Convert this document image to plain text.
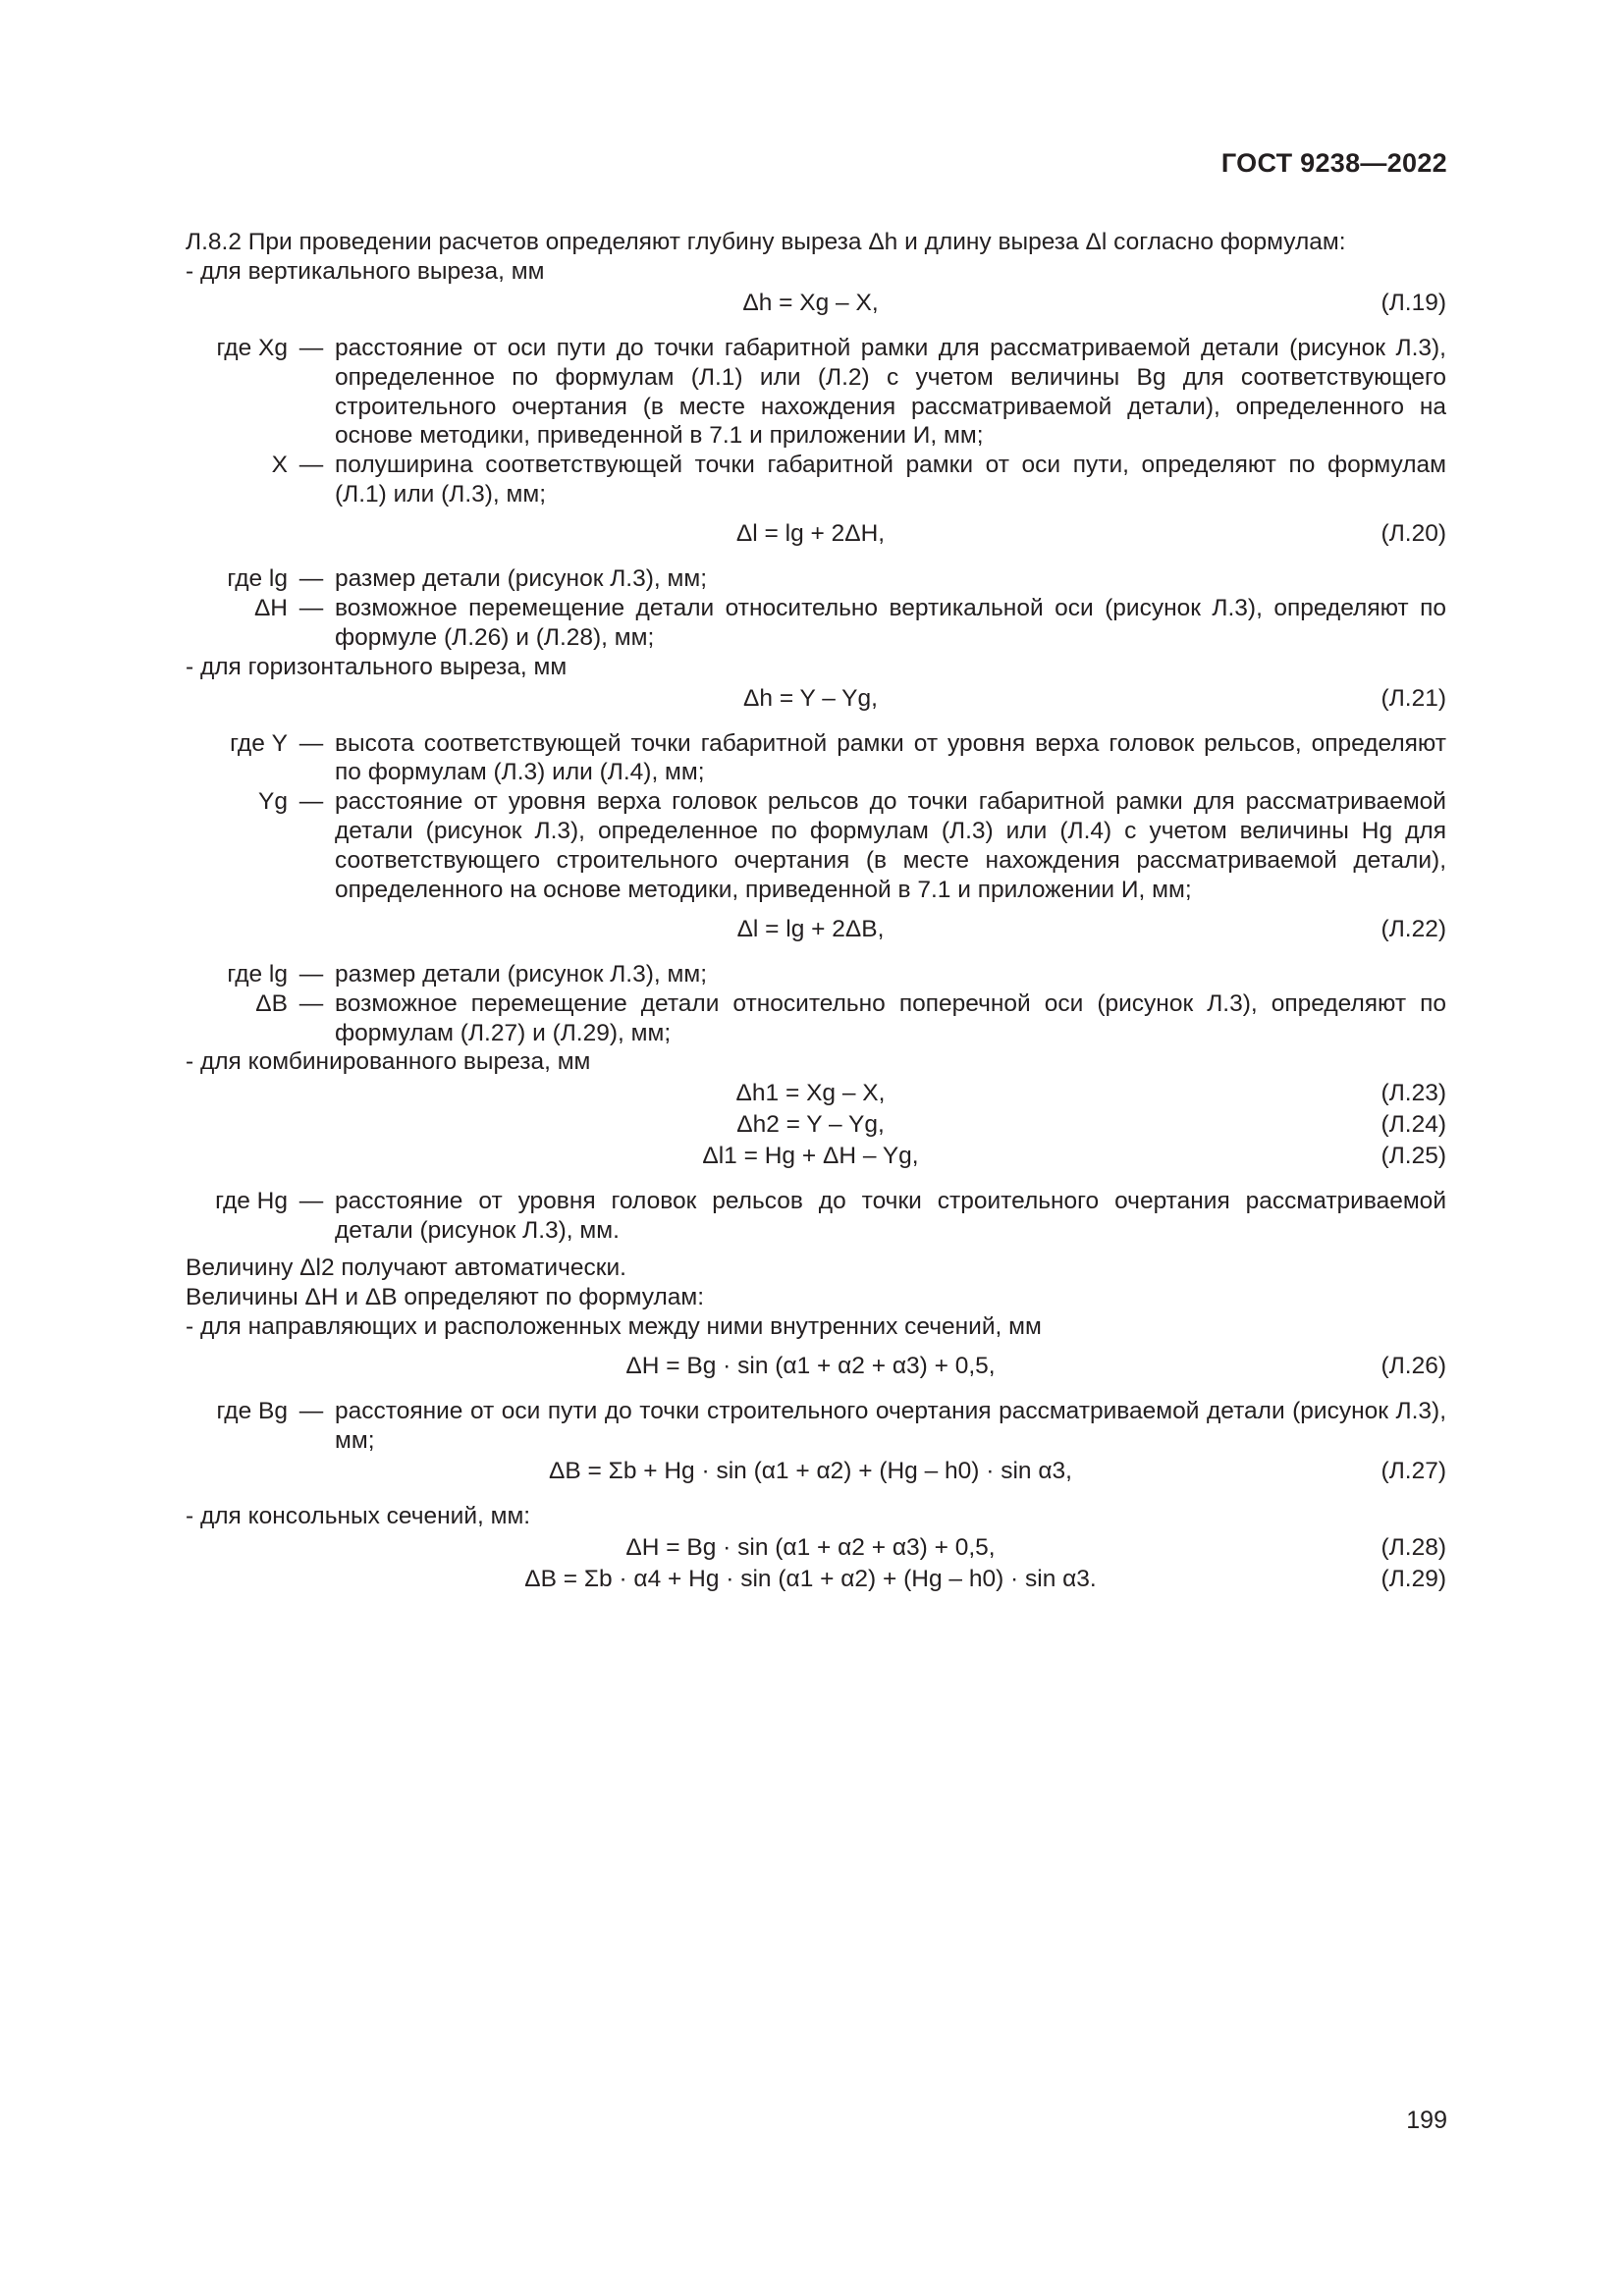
ГОСТ 9238—2022

Л.8.2 При проведении расчетов определяют глубину выреза Δh и длину выреза Δl согласно формулам:

- для вертикального выреза, мм

Δh = Xg – X,	(Л.19)
где Xg — расстояние от оси пути до точки габаритной рамки для рассматриваемой детали (рисунок Л.3), определенное по формулам (Л.1) или (Л.2) с учетом величины Bg для соответствующего строительного очертания (в месте нахождения рассматриваемой детали), определенного на основе методики, приведенной в 7.1 и приложении И, мм;
X — полуширина соответствующей точки габаритной рамки от оси пути, определяют по формулам (Л.1) или (Л.3), мм;
Δl = lg + 2ΔH,	(Л.20)
где lg — размер детали (рисунок Л.3), мм;
ΔH — возможное перемещение детали относительно вертикальной оси (рисунок Л.3), определяют по формуле (Л.26) и (Л.28), мм;

- для горизонтального выреза, мм

Δh = Y – Yg,	(Л.21)
где Y — высота соответствующей точки габаритной рамки от уровня верха головок рельсов, определяют по формулам (Л.3) или (Л.4), мм;
Yg — расстояние от уровня верха головок рельсов до точки габаритной рамки для рассматриваемой детали (рисунок Л.3), определенное по формулам (Л.3) или (Л.4) с учетом величины Hg для соответствующего строительного очертания (в месте нахождения рассматриваемой детали), определенного на основе методики, приведенной в 7.1 и приложении И, мм;
Δl = lg + 2ΔB,	(Л.22)
где lg — размер детали (рисунок Л.3), мм;
ΔB — возможное перемещение детали относительно поперечной оси (рисунок Л.3), определяют по формулам (Л.27) и (Л.29), мм;

- для комбинированного выреза, мм

Δh1 = Xg – X,	(Л.23)
Δh2 = Y – Yg,	(Л.24)
Δl1 = Hg + ΔH – Yg,	(Л.25)
где Hg — расстояние от уровня головок рельсов до точки строительного очертания рассматриваемой детали (рисунок Л.3), мм.

Величину Δl2 получают автоматически.

Величины ΔH и ΔB определяют по формулам:

- для направляющих и расположенных между ними внутренних сечений, мм

ΔH = Bg · sin (α1 + α2 + α3) + 0,5,	(Л.26)
где Bg — расстояние от оси пути до точки строительного очертания рассматриваемой детали (рисунок Л.3), мм;
ΔB = Σb + Hg · sin (α1 + α2) + (Hg – h0) · sin α3,	(Л.27)

- для консольных сечений, мм:

ΔH = Bg · sin (α1 + α2 + α3) + 0,5,	(Л.28)
ΔB = Σb · α4 + Hg · sin (α1 + α2) + (Hg – h0) · sin α3.	(Л.29)
199
